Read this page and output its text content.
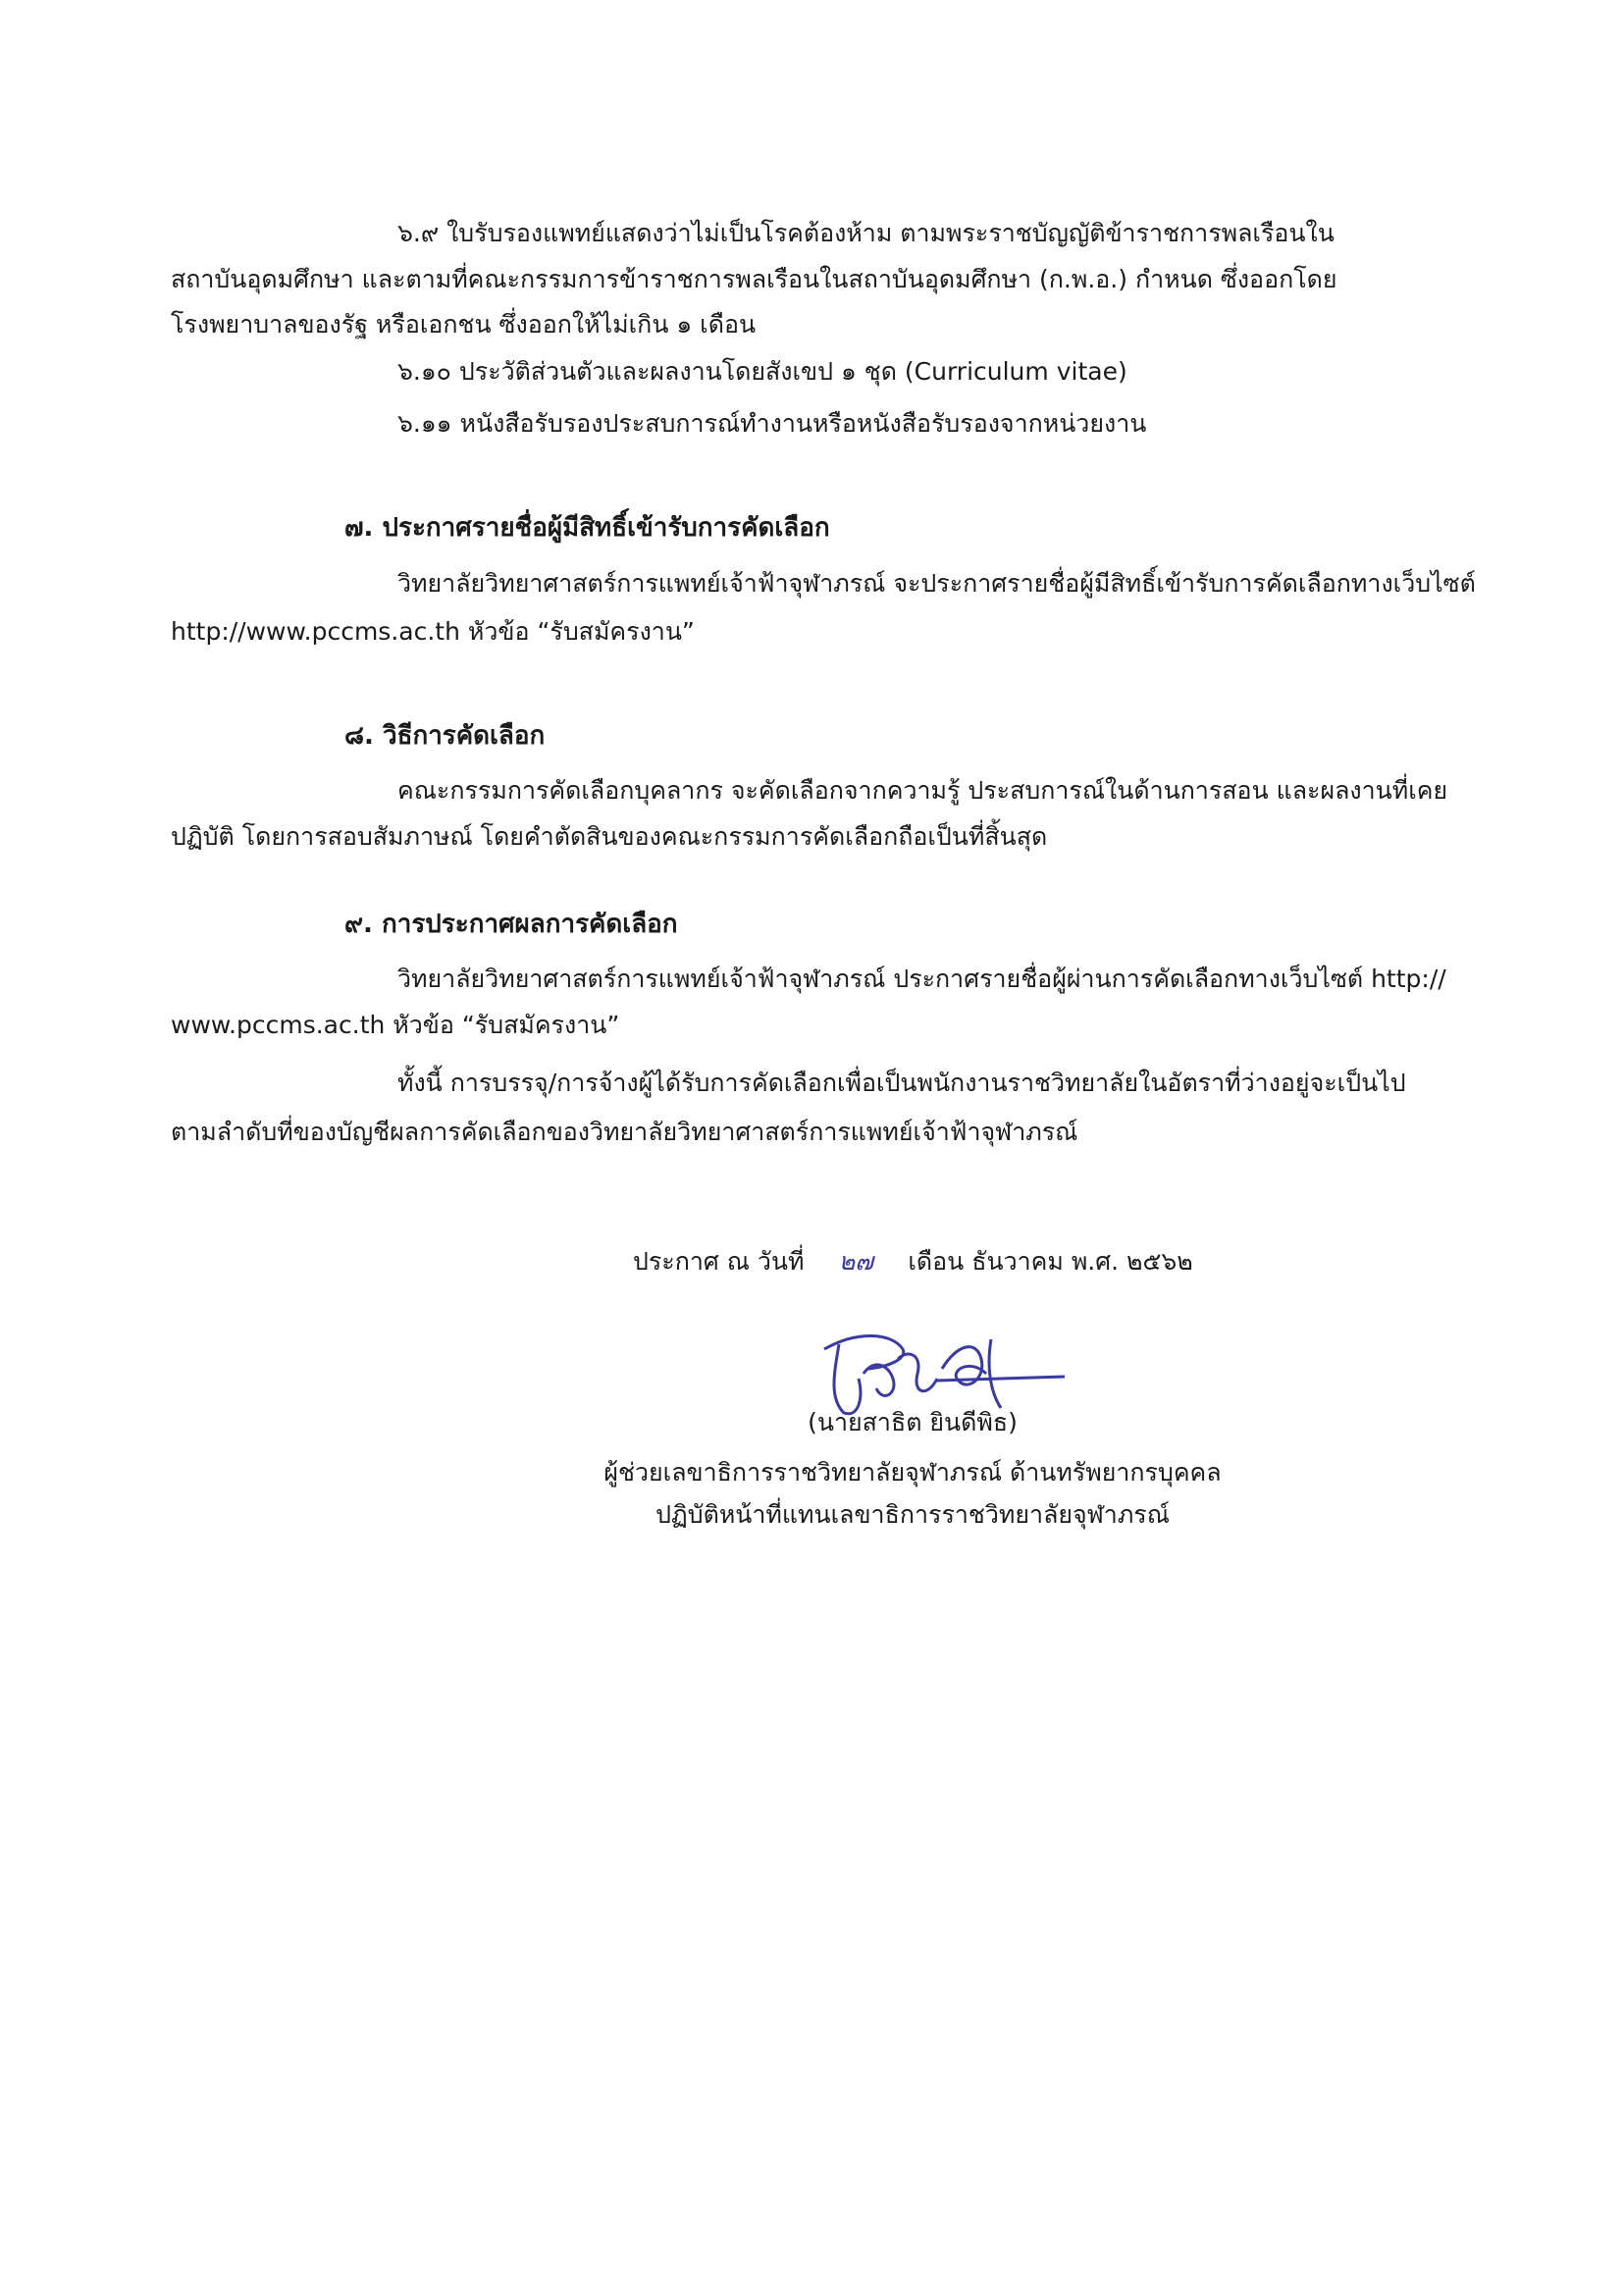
๖.๙ ใบรับรองแพทย์แสดงว่าไม่เป็นโรคต้องห้าม ตามพระราชบัญญัติข้าราชการพลเรือนใน
สถาบันอุดมศึกษา และตามที่คณะกรรมการข้าราชการพลเรือนในสถาบันอุดมศึกษา (ก.พ.อ.) กำหนด ซึ่งออกโดย
โรงพยาบาลของรัฐ หรือเอกชน ซึ่งออกให้ไม่เกิน ๑ เดือน
๖.๑๐ ประวัติส่วนตัวและผลงานโดยสังเขป ๑ ชุด (Curriculum vitae)
๖.๑๑ หนังสือรับรองประสบการณ์ทำงานหรือหนังสือรับรองจากหน่วยงาน
๗. ประกาศรายชื่อผู้มีสิทธิ์เข้ารับการคัดเลือก
วิทยาลัยวิทยาศาสตร์การแพทย์เจ้าฟ้าจุฬาภรณ์ จะประกาศรายชื่อผู้มีสิทธิ์เข้ารับการคัดเลือกทางเว็บไซต์
http://www.pccms.ac.th หัวข้อ “รับสมัครงาน”
๘. วิธีการคัดเลือก
คณะกรรมการคัดเลือกบุคลากร จะคัดเลือกจากความรู้ ประสบการณ์ในด้านการสอน และผลงานที่เคย
ปฏิบัติ โดยการสอบสัมภาษณ์ โดยคำตัดสินของคณะกรรมการคัดเลือกถือเป็นที่สิ้นสุด
๙. การประกาศผลการคัดเลือก
วิทยาลัยวิทยาศาสตร์การแพทย์เจ้าฟ้าจุฬาภรณ์ ประกาศรายชื่อผู้ผ่านการคัดเลือกทางเว็บไซต์ http://
www.pccms.ac.th หัวข้อ “รับสมัครงาน”
ทั้งนี้ การบรรจุ/การจ้างผู้ได้รับการคัดเลือกเพื่อเป็นพนักงานราชวิทยาลัยในอัตราที่ว่างอยู่จะเป็นไป
ตามลำดับที่ของบัญชีผลการคัดเลือกของวิทยาลัยวิทยาศาสตร์การแพทย์เจ้าฟ้าจุฬาภรณ์
ประกาศ ณ วันที่ ๒๗ เดือน ธันวาคม พ.ศ. ๒๕๖๒
(นายสาธิต ยินดีพิธ)
ผู้ช่วยเลขาธิการราชวิทยาลัยจุฬาภรณ์ ด้านทรัพยากรบุคคล
ปฏิบัติหน้าที่แทนเลขาธิการราชวิทยาลัยจุฬาภรณ์
